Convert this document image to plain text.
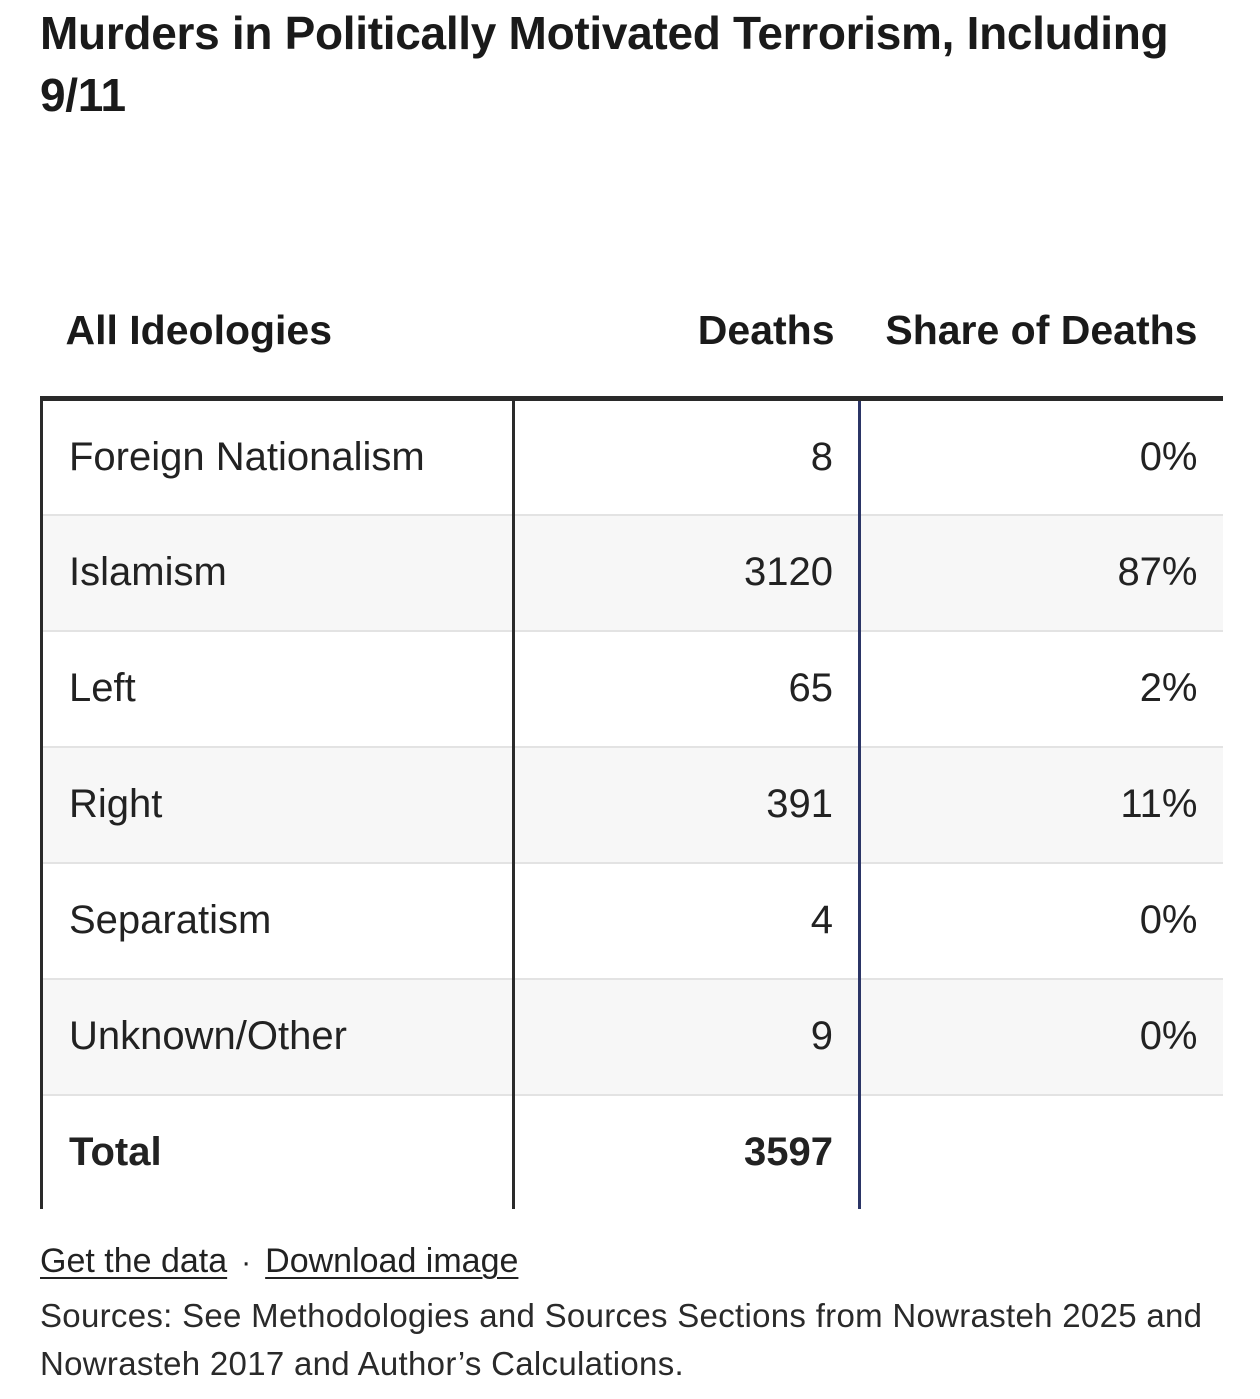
Murders in Politically Motivated Terrorism, Including 9/11
All Ideologies	Deaths	Share of Deaths
Foreign Nationalism	8	0%
Islamism	3120	87%
Left	65	2%
Right	391	11%
Separatism	4	0%
Unknown/Other	9	0%
Total	3597	
Get the data · Download image
Sources: See Methodologies and Sources Sections from Nowrasteh 2025 and Nowrasteh 2017 and Author’s Calculations.
